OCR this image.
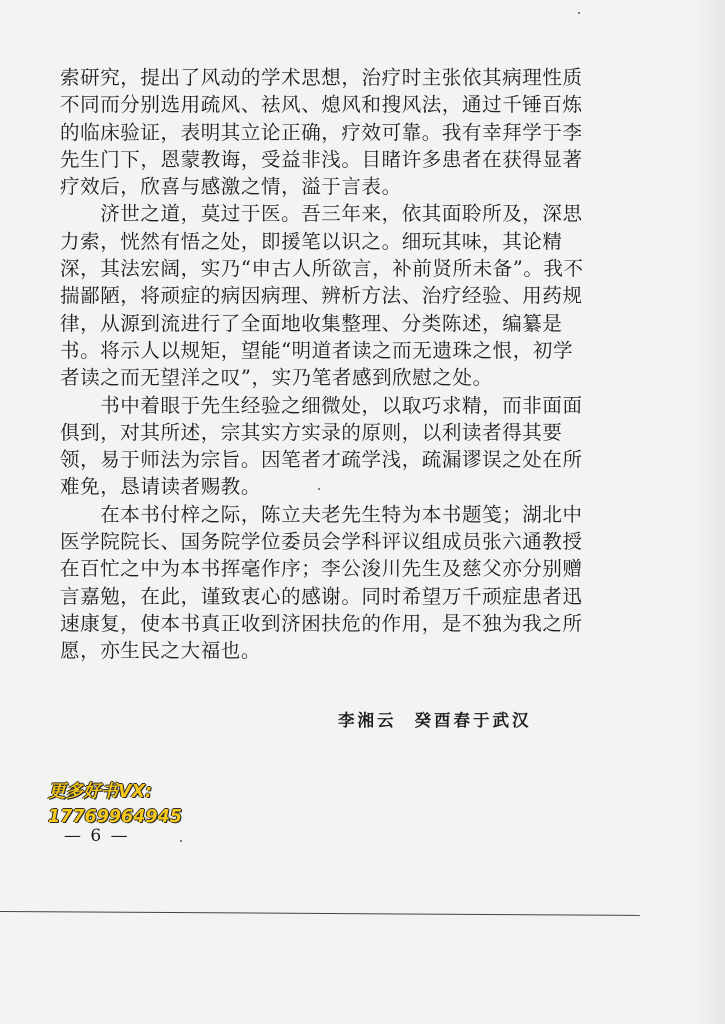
索研究，提出了风动的学术思想，治疗时主张依其病理性质
不同而分别选用疏风、祛风、熄风和搜风法，通过千锤百炼
的临床验证，表明其立论正确，疗效可靠。我有幸拜学于李
先生门下，恩蒙教诲，受益非浅。目睹许多患者在获得显著
疗效后，欣喜与感激之情，溢于言表。
　　济世之道，莫过于医。吾三年来，依其面聆所及，深思
力索，恍然有悟之处，即援笔以识之。细玩其味，其论精
深，其法宏阔，实乃“申古人所欲言，补前贤所未备”。我不
揣鄙陋，将顽症的病因病理、辨析方法、治疗经验、用药规
律，从源到流进行了全面地收集整理、分类陈述，编纂是
书。将示人以规矩，望能“明道者读之而无遗珠之恨，初学
者读之而无望洋之叹”，实乃笔者感到欣慰之处。
　　书中着眼于先生经验之细微处，以取巧求精，而非面面
俱到，对其所述，宗其实方实录的原则，以利读者得其要
领，易于师法为宗旨。因笔者才疏学浅，疏漏谬误之处在所
难免，恳请读者赐教。
　　在本书付梓之际，陈立夫老先生特为本书题笺；湖北中
医学院院长、国务院学位委员会学科评议组成员张六通教授
在百忙之中为本书挥毫作序；李公浚川先生及慈父亦分别赠
言嘉勉，在此，谨致衷心的感谢。同时希望万千顽症患者迅
速康复，使本书真正收到济困扶危的作用，是不独为我之所
愿，亦生民之大福也。
李湘云 癸酉春于武汉
更多好书VX:
17769964945
— 6 —
